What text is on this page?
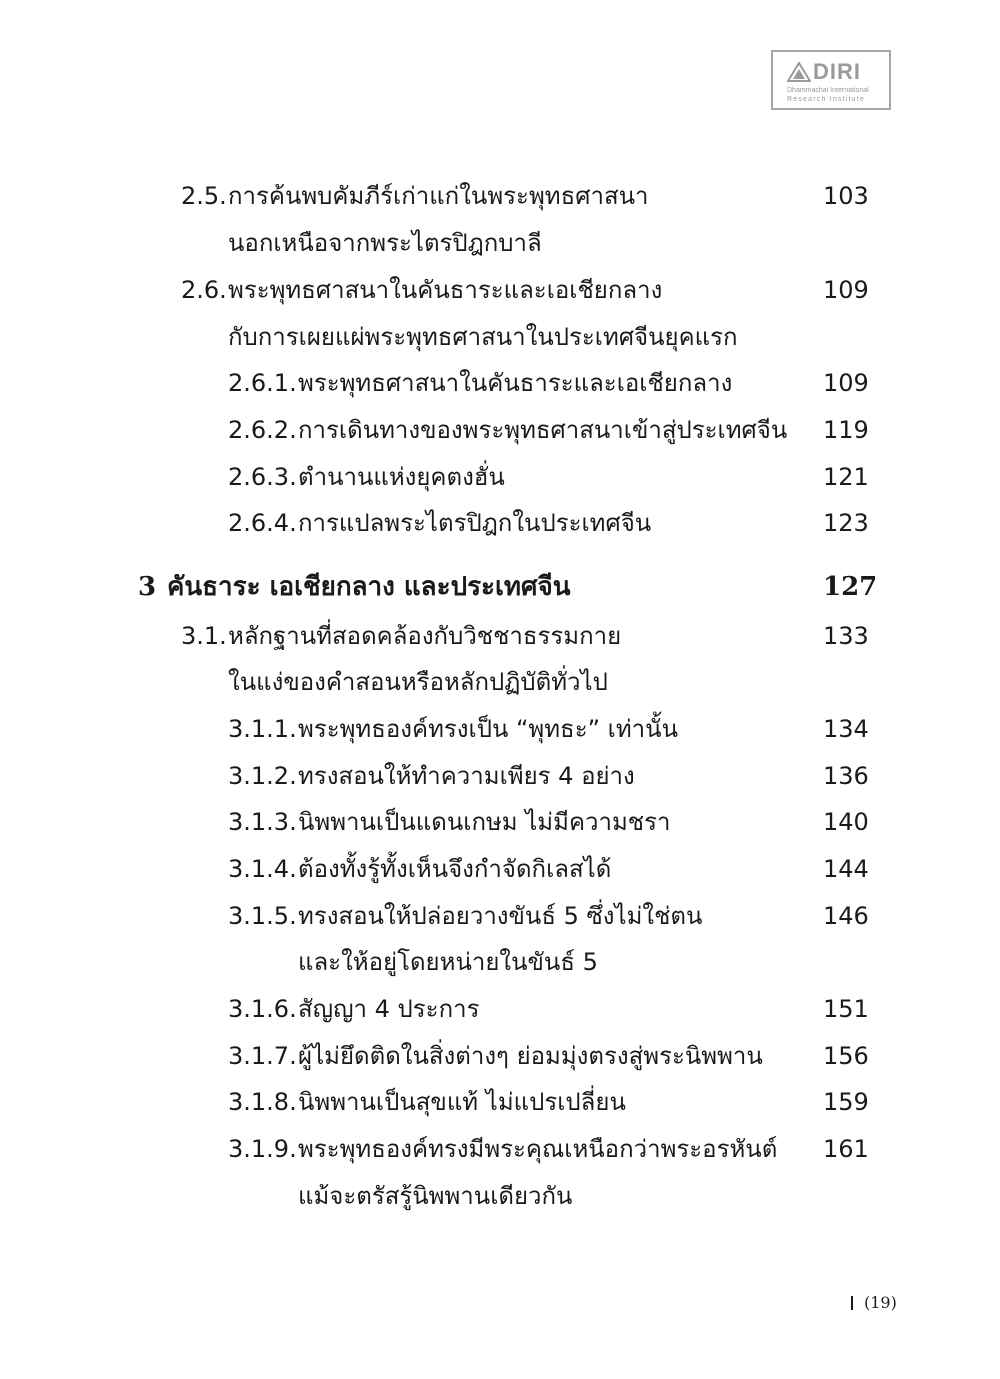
DIRI
Dhammachai International
Research Institute
2.5. การค้นพบคัมภีร์เก่าแก่ในพระพุทธศาสนา	103
นอกเหนือจากพระไตรปิฎกบาลี
2.6. พระพุทธศาสนาในคันธาระและเอเชียกลาง	109
กับการเผยแผ่พระพุทธศาสนาในประเทศจีนยุคแรก
2.6.1. พระพุทธศาสนาในคันธาระและเอเชียกลาง	109
2.6.2. การเดินทางของพระพุทธศาสนาเข้าสู่ประเทศจีน 119
2.6.3. ตำนานแห่งยุคตงฮั่น	121
2.6.4. การแปลพระไตรปิฎกในประเทศจีน	123
3 คันธาระ เอเชียกลาง และประเทศจีน	127
3.1. หลักฐานที่สอดคล้องกับวิชชาธรรมกาย	133
ในแง่ของคำสอนหรือหลักปฏิบัติทั่วไป
3.1.1. พระพุทธองค์ทรงเป็น “พุทธะ” เท่านั้น	134
3.1.2. ทรงสอนให้ทำความเพียร 4 อย่าง	136
3.1.3. นิพพานเป็นแดนเกษม ไม่มีความชรา	140
3.1.4. ต้องทั้งรู้ทั้งเห็นจึงกำจัดกิเลสได้	144
3.1.5. ทรงสอนให้ปล่อยวางขันธ์ 5 ซึ่งไม่ใช่ตน	146
และให้อยู่โดยหน่ายในขันธ์ 5
3.1.6. สัญญา 4 ประการ	151
3.1.7. ผู้ไม่ยึดติดในสิ่งต่างๆ ย่อมมุ่งตรงสู่พระนิพพาน	156
3.1.8. นิพพานเป็นสุขแท้ ไม่แปรเปลี่ยน	159
3.1.9. พระพุทธองค์ทรงมีพระคุณเหนือกว่าพระอรหันต์ 161
แม้จะตรัสรู้นิพพานเดียวกัน
(19)
